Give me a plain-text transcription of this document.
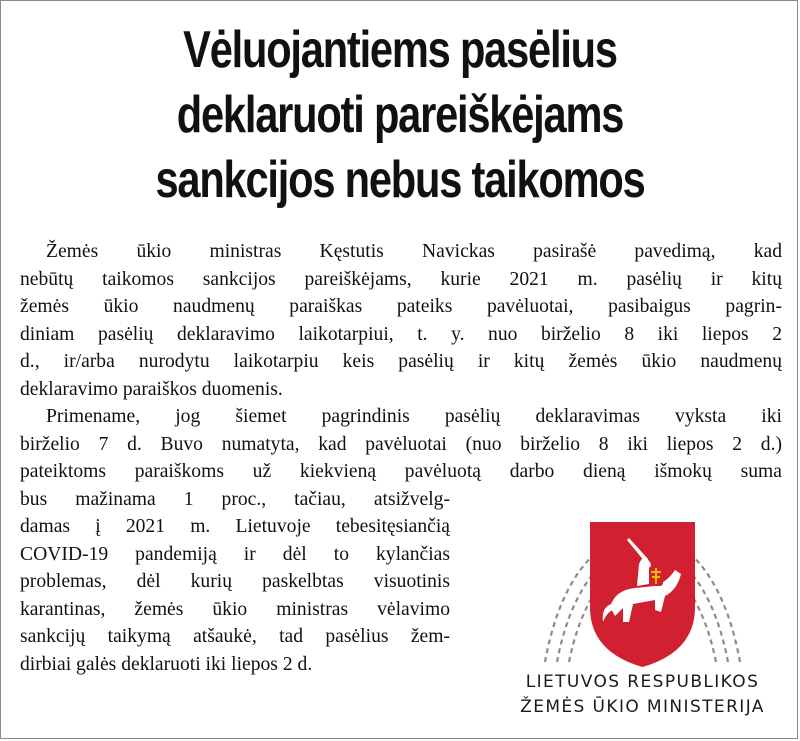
Vėluojantiems pasėlius
deklaruoti pareiškėjams
sankcijos nebus taikomos
Žemės ūkio ministras Kęstutis Navickas pasirašė pavedimą, kad
nebūtų taikomos sankcijos pareiškėjams, kurie 2021 m. pasėlių ir kitų
žemės ūkio naudmenų paraiškas pateiks pavėluotai, pasibaigus pagrin-
diniam pasėlių deklaravimo laikotarpiui, t. y. nuo birželio 8 iki liepos 2
d., ir/arba nurodytu laikotarpiu keis pasėlių ir kitų žemės ūkio naudmenų
deklaravimo paraiškos duomenis.
Primename, jog šiemet pagrindinis pasėlių deklaravimas vyksta iki
birželio 7 d. Buvo numatyta, kad pavėluotai (nuo birželio 8 iki liepos 2 d.)
pateiktoms paraiškoms už kiekvieną pavėluotą darbo dieną išmokų suma
bus mažinama 1 proc., tačiau, atsižvelg-
damas į 2021 m. Lietuvoje tebesitęsiančią
COVID-19 pandemiją ir dėl to kylančias
problemas, dėl kurių paskelbtas visuotinis
karantinas, žemės ūkio ministras vėlavimo
sankcijų taikymą atšaukė, tad pasėlius žem-
dirbiai galės deklaruoti iki liepos 2 d.
LIETUVOS RESPUBLIKOS
ŽEMĖS ŪKIO MINISTERIJA
